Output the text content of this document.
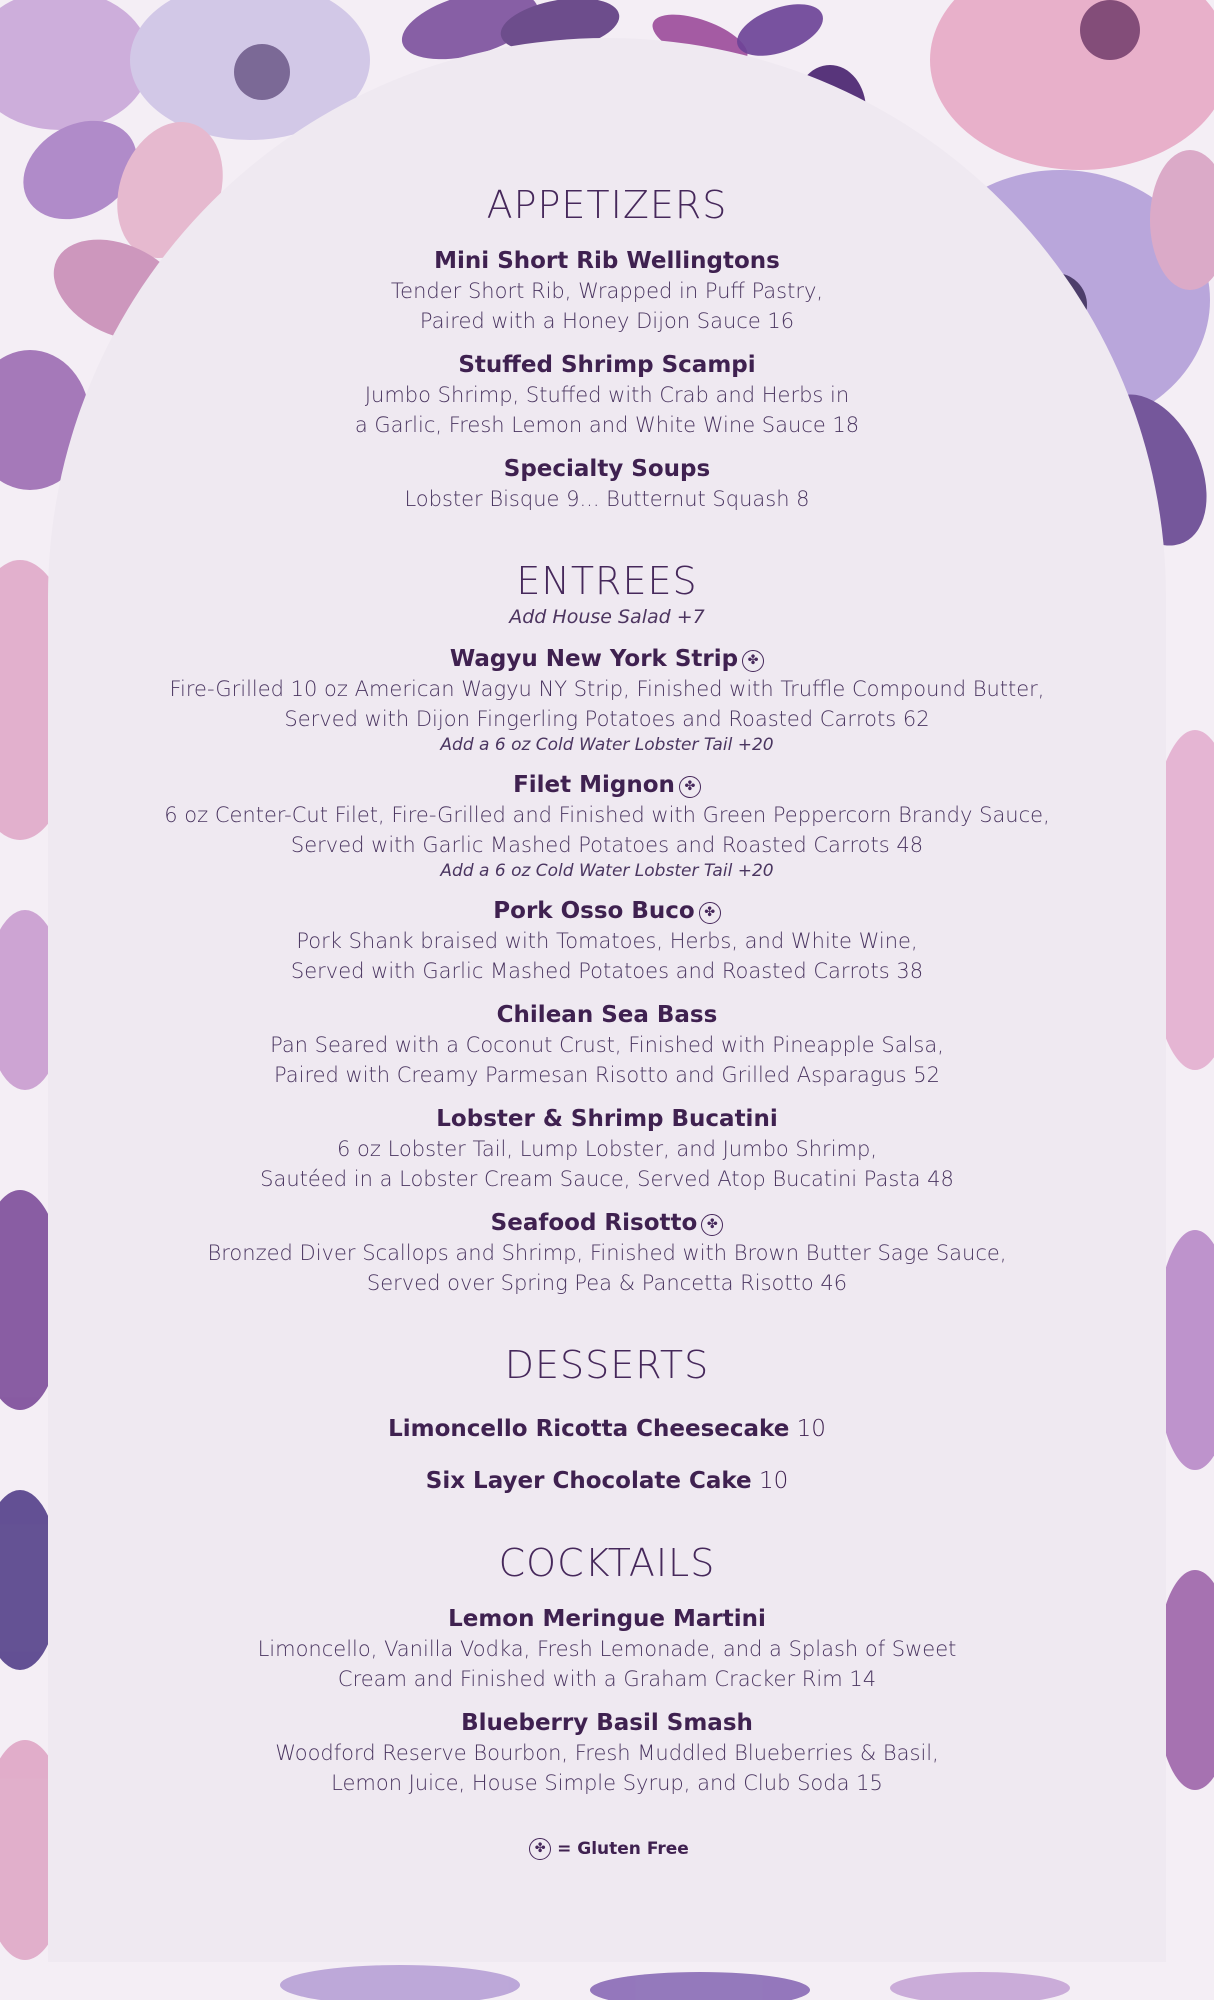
APPETIZERS
Mini Short Rib Wellingtons
Tender Short Rib, Wrapped in Puff Pastry,
Paired with a Honey Dijon Sauce 16
Stuffed Shrimp Scampi
Jumbo Shrimp, Stuffed with Crab and Herbs in
a Garlic, Fresh Lemon and White Wine Sauce 18
Specialty Soups
Lobster Bisque 9... Butternut Squash 8
ENTREES
Add House Salad +7
Wagyu New York Strip ✤
Fire-Grilled 10 oz American Wagyu NY Strip, Finished with Truffle Compound Butter,
Served with Dijon Fingerling Potatoes and Roasted Carrots 62
Add a 6 oz Cold Water Lobster Tail +20
Filet Mignon ✤
6 oz Center-Cut Filet, Fire-Grilled and Finished with Green Peppercorn Brandy Sauce,
Served with Garlic Mashed Potatoes and Roasted Carrots 48
Add a 6 oz Cold Water Lobster Tail +20
Pork Osso Buco ✤
Pork Shank braised with Tomatoes, Herbs, and White Wine,
Served with Garlic Mashed Potatoes and Roasted Carrots 38
Chilean Sea Bass
Pan Seared with a Coconut Crust, Finished with Pineapple Salsa,
Paired with Creamy Parmesan Risotto and Grilled Asparagus 52
Lobster & Shrimp Bucatini
6 oz Lobster Tail, Lump Lobster, and Jumbo Shrimp,
Sautéed in a Lobster Cream Sauce, Served Atop Bucatini Pasta 48
Seafood Risotto ✤
Bronzed Diver Scallops and Shrimp, Finished with Brown Butter Sage Sauce,
Served over Spring Pea & Pancetta Risotto 46
DESSERTS
Limoncello Ricotta Cheesecake 10
Six Layer Chocolate Cake 10
COCKTAILS
Lemon Meringue Martini
Limoncello, Vanilla Vodka, Fresh Lemonade, and a Splash of Sweet
Cream and Finished with a Graham Cracker Rim 14
Blueberry Basil Smash
Woodford Reserve Bourbon, Fresh Muddled Blueberries & Basil,
Lemon Juice, House Simple Syrup, and Club Soda 15
✤ = Gluten Free
